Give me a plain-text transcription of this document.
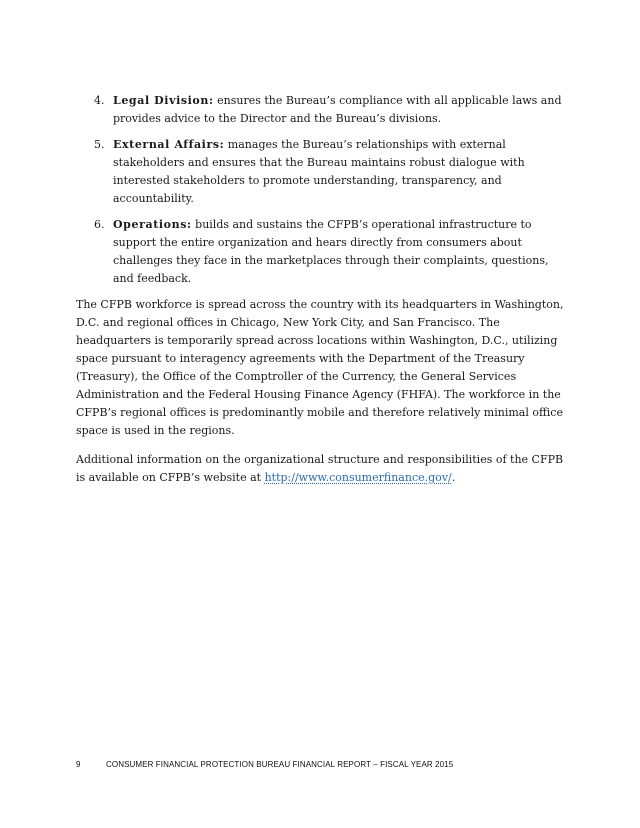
4. Legal Division: ensures the Bureau’s compliance with all applicable laws and provides advice to the Director and the Bureau’s divisions.
5. External Affairs: manages the Bureau’s relationships with external stakeholders and ensures that the Bureau maintains robust dialogue with interested stakeholders to promote understanding, transparency, and accountability.
6. Operations: builds and sustains the CFPB’s operational infrastructure to support the entire organization and hears directly from consumers about challenges they face in the marketplaces through their complaints, questions, and feedback.

The CFPB workforce is spread across the country with its headquarters in Washington, D.C. and regional offices in Chicago, New York City, and San Francisco. The headquarters is temporarily spread across locations within Washington, D.C., utilizing space pursuant to interagency agreements with the Department of the Treasury (Treasury), the Office of the Comptroller of the Currency, the General Services Administration and the Federal Housing Finance Agency (FHFA). The workforce in the CFPB’s regional offices is predominantly mobile and therefore relatively minimal office space is used in the regions.

Additional information on the organizational structure and responsibilities of the CFPB is available on CFPB’s website at http://www.consumerfinance.gov/.

9	CONSUMER FINANCIAL PROTECTION BUREAU FINANCIAL REPORT – FISCAL YEAR 2015
